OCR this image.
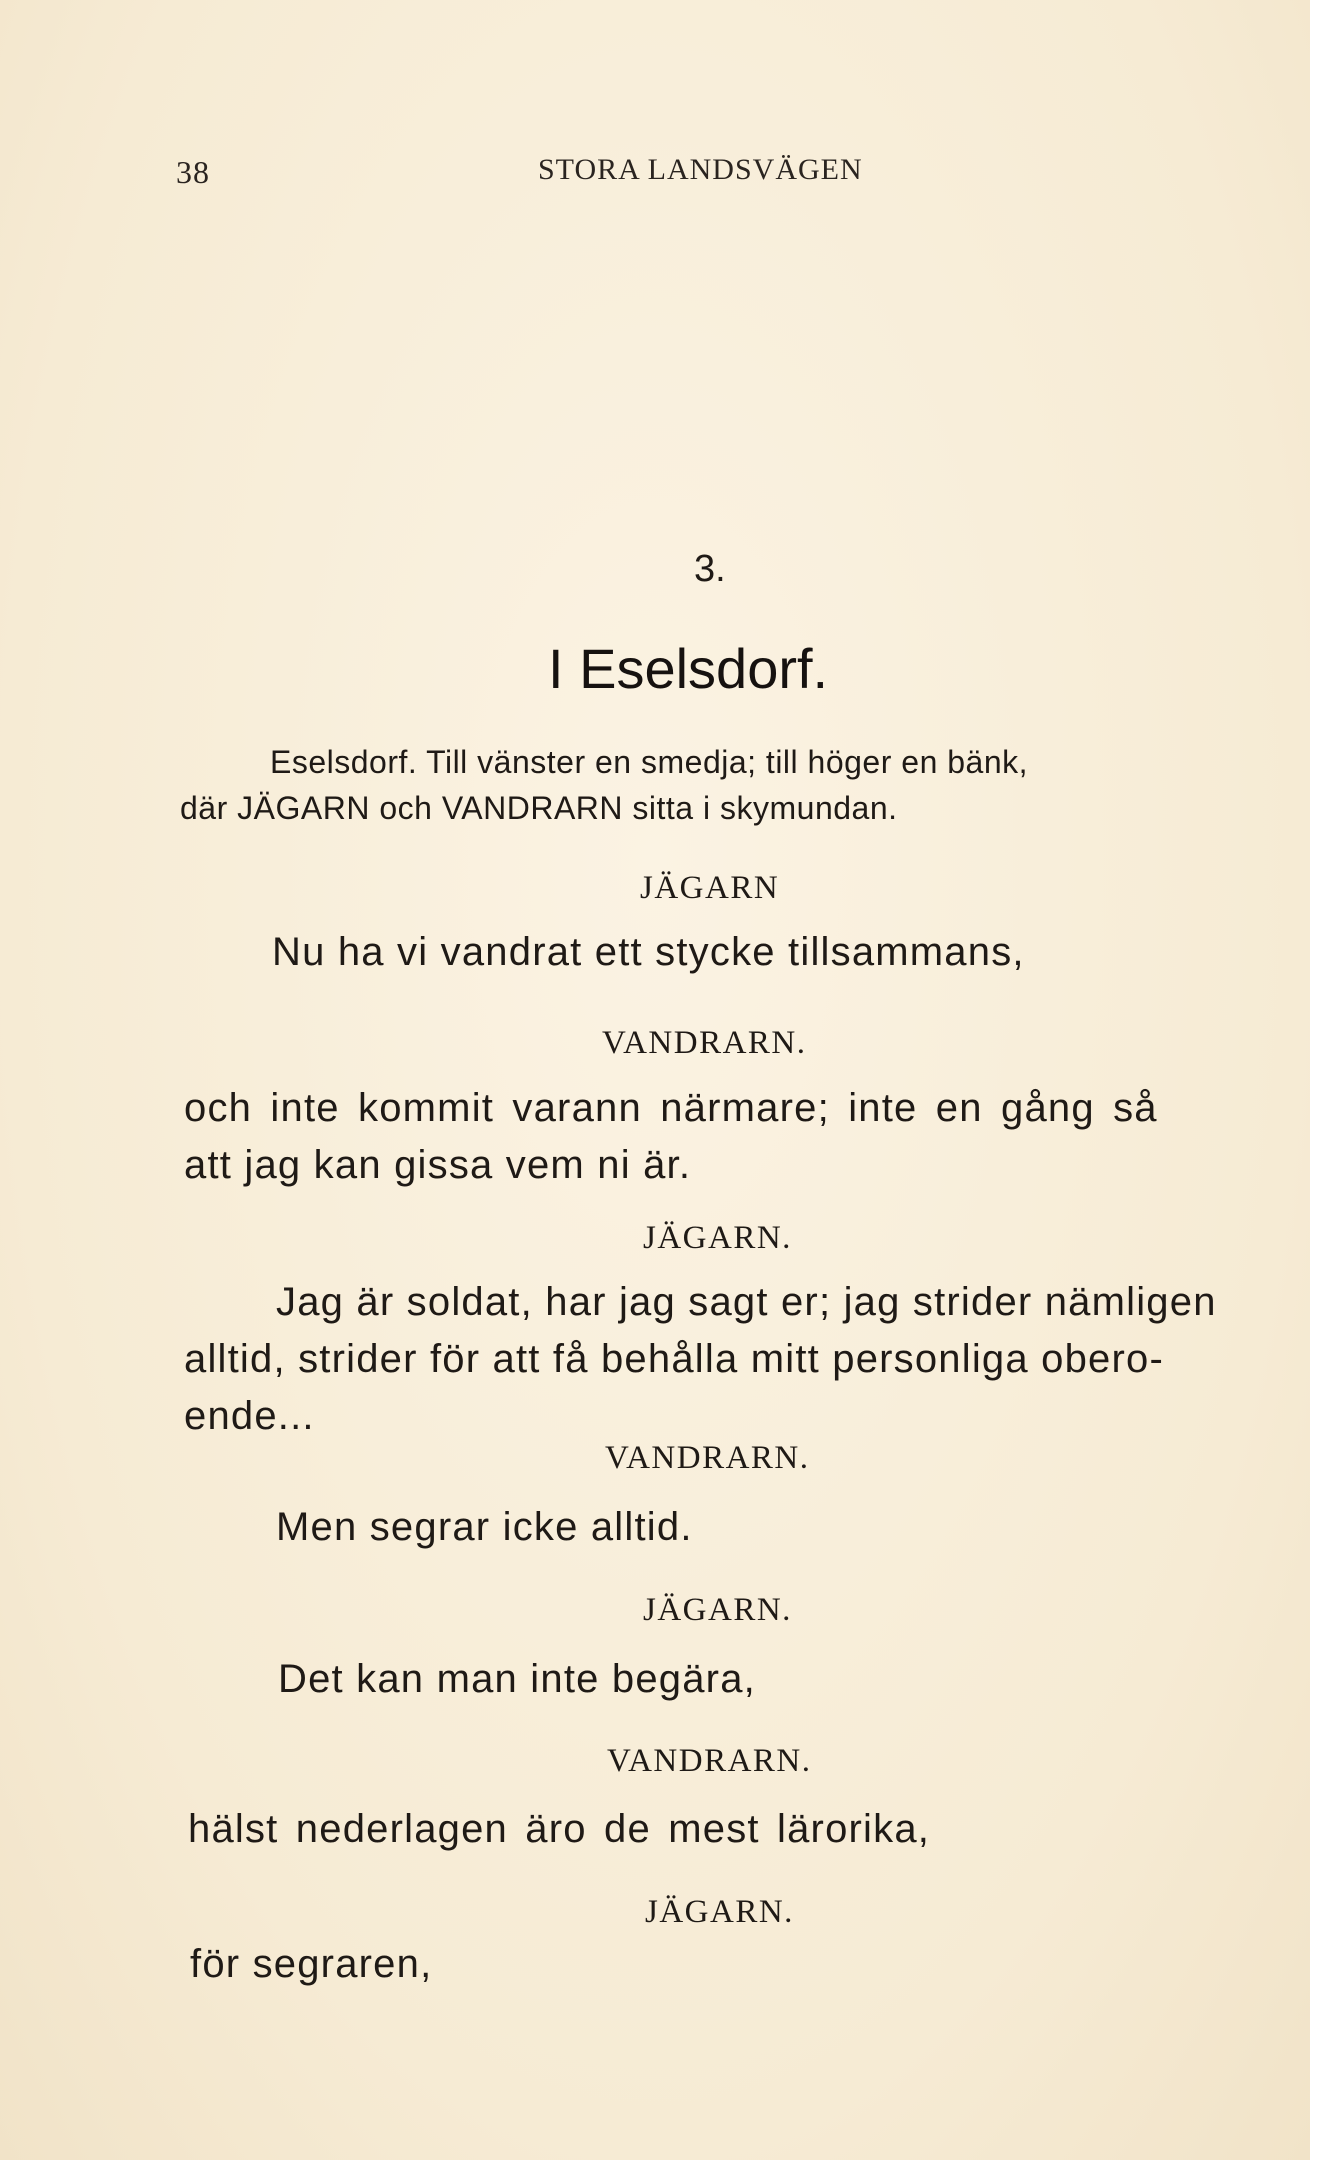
38	STORA LANDSVÄGEN
3.
I Eselsdorf.
Eselsdorf. Till vänster en smedja; till höger en bänk,
där JÄGARN och VANDRARN sitta i skymundan.
JÄGARN
Nu ha vi vandrat ett stycke tillsammans,
VANDRARN.
och inte kommit varann närmare; inte en gång så
att jag kan gissa vem ni är.
JÄGARN.
Jag är soldat, har jag sagt er; jag strider nämligen
alltid, strider för att få behålla mitt personliga obero-
ende...
VANDRARN.
Men segrar icke alltid.
JÄGARN.
Det kan man inte begära,
VANDRARN.
hälst nederlagen äro de mest lärorika,
JÄGARN.
för segraren,
